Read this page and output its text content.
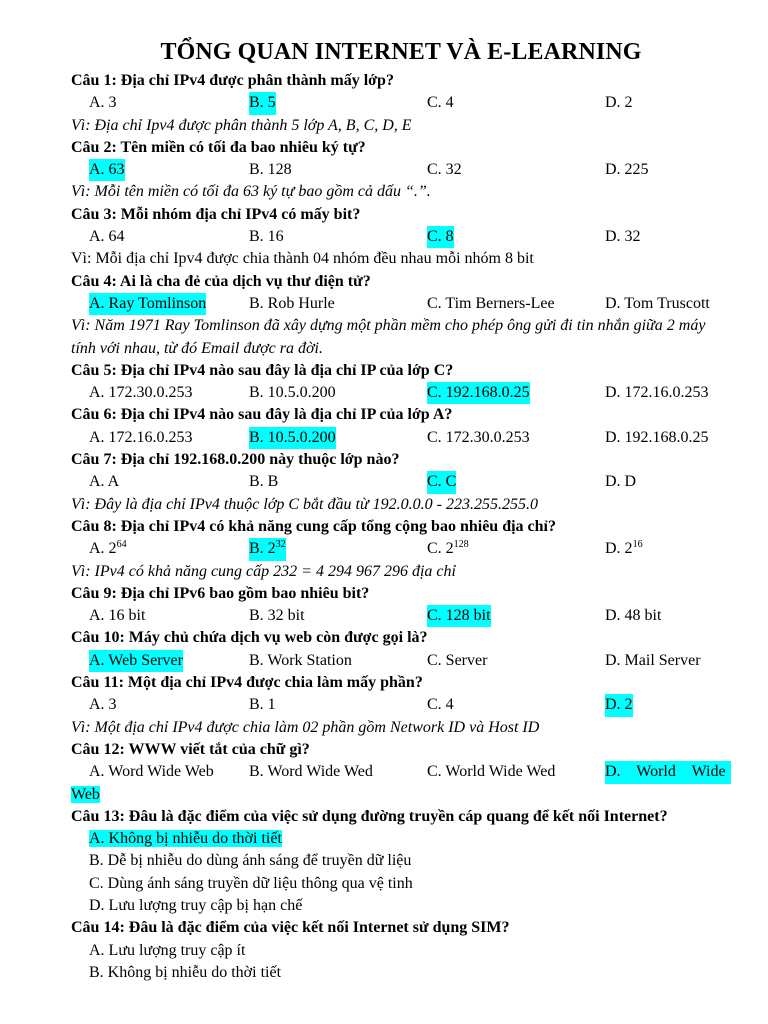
TỔNG QUAN INTERNET VÀ E-LEARNING
Câu 1: Địa chỉ IPv4 được phân thành mấy lớp?
A. 3	B. 5	C. 4	D. 2
Vì: Địa chỉ Ipv4 được phân thành 5 lớp A, B, C, D, E
Câu 2: Tên miền có tối đa bao nhiêu ký tự?
A. 63	B. 128	C. 32	D. 225
Vì: Mỗi tên miền có tối đa 63 ký tự bao gồm cả dấu “.”.
Câu 3: Mỗi nhóm địa chỉ IPv4 có mấy bit?
A. 64	B. 16	C. 8	D. 32
Vì: Mỗi địa chỉ Ipv4 được chia thành 04 nhóm đều nhau mỗi nhóm 8 bit
Câu 4: Ai là cha đẻ của dịch vụ thư điện tử?
A. Ray Tomlinson	B. Rob Hurle	C. Tim Berners-Lee	D. Tom Truscott
Vì: Năm 1971 Ray Tomlinson đã xây dựng một phần mềm cho phép ông gửi đi tin nhắn giữa 2 máy
tính với nhau, từ đó Email được ra đời.
Câu 5: Địa chỉ IPv4 nào sau đây là địa chỉ IP của lớp C?
A. 172.30.0.253	B. 10.5.0.200	C. 192.168.0.25	D. 172.16.0.253
Câu 6: Địa chỉ IPv4 nào sau đây là địa chỉ IP của lớp A?
A. 172.16.0.253	B. 10.5.0.200	C. 172.30.0.253	D. 192.168.0.25
Câu 7: Địa chỉ 192.168.0.200 này thuộc lớp nào?
A. A	B. B	C. C	D. D
Vì: Đây là địa chỉ IPv4 thuộc lớp C bắt đầu từ 192.0.0.0 - 223.255.255.0
Câu 8: Địa chỉ IPv4 có khả năng cung cấp tổng cộng bao nhiêu địa chỉ?
A. $2^{64}$	B. $2^{32}$	C. $2^{128}$	D. $2^{16}$
Vì: IPv4 có khả năng cung cấp 232 = 4 294 967 296 địa chỉ
Câu 9: Địa chỉ IPv6 bao gồm bao nhiêu bit?
A. 16 bit	B. 32 bit	C. 128 bit	D. 48 bit
Câu 10: Máy chủ chứa dịch vụ web còn được gọi là?
A. Web Server	B. Work Station	C. Server	D. Mail Server
Câu 11: Một địa chỉ IPv4 được chia làm mấy phần?
A. 3	B. 1	C. 4	D. 2
Vì: Một địa chỉ IPv4 được chia làm 02 phần gồm Network ID và Host ID
Câu 12: WWW viết tắt của chữ gì?
A. Word Wide Web B. Word Wide Wed	C. World Wide Wed	D.    World    Wide
Web
Câu 13: Đâu là đặc điểm của việc sử dụng đường truyền cáp quang để kết nối Internet?
A. Không bị nhiễu do thời tiết
B. Dễ bị nhiễu do dùng ánh sáng để truyền dữ liệu
C. Dùng ánh sáng truyền dữ liệu thông qua vệ tinh
D. Lưu lượng truy cập bị hạn chế
Câu 14: Đâu là đặc điểm của việc kết nối Internet sử dụng SIM?
A. Lưu lượng truy cập ít
B. Không bị nhiễu do thời tiết
